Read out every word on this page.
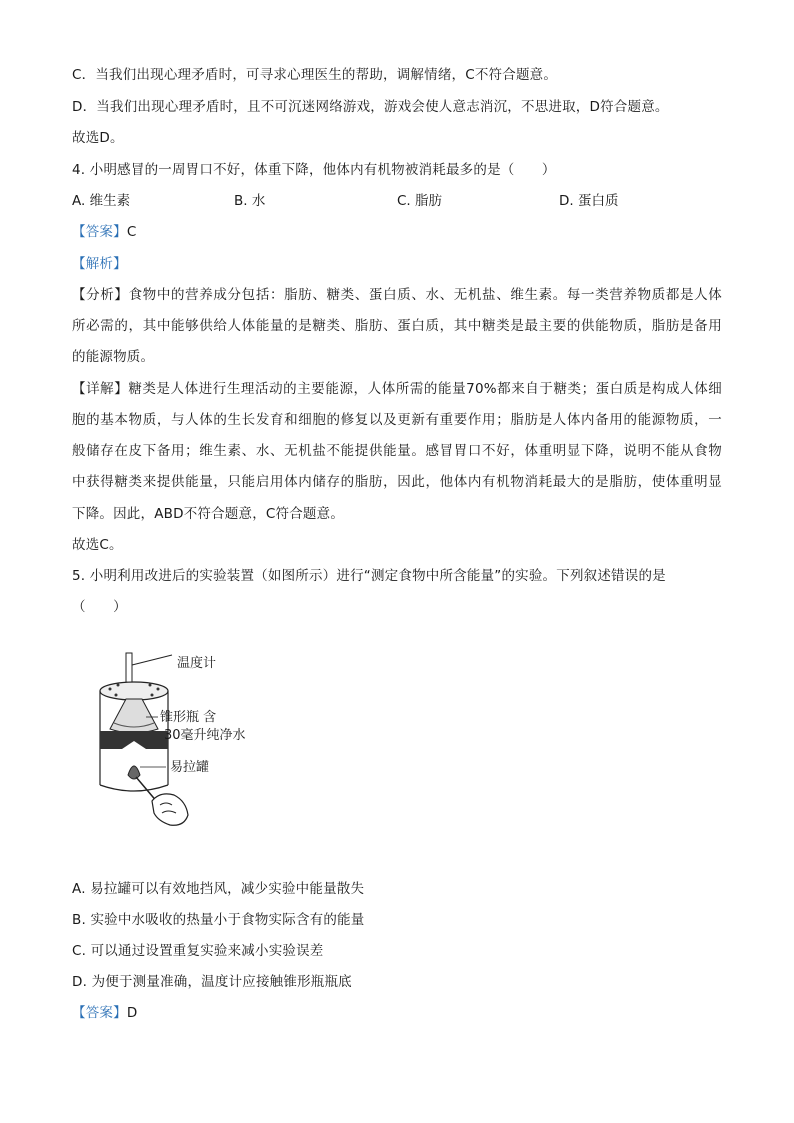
C．当我们出现心理矛盾时，可寻求心理医生的帮助，调解情绪，C不符合题意。
D．当我们出现心理矛盾时，且不可沉迷网络游戏，游戏会使人意志消沉，不思进取，D符合题意。
故选D。
4. 小明感冒的一周胃口不好，体重下降，他体内有机物被消耗最多的是（　　）
A. 维生素	B. 水	C. 脂肪	D. 蛋白质
【答案】C
【解析】
【分析】食物中的营养成分包括：脂肪、糖类、蛋白质、水、无机盐、维生素。每一类营养物质都是人体
所必需的，其中能够供给人体能量的是糖类、脂肪、蛋白质，其中糖类是最主要的供能物质，脂肪是备用
的能源物质。
【详解】糖类是人体进行生理活动的主要能源，人体所需的能量70%都来自于糖类；蛋白质是构成人体细
胞的基本物质，与人体的生长发育和细胞的修复以及更新有重要作用；脂肪是人体内备用的能源物质，一
般储存在皮下备用；维生素、水、无机盐不能提供能量。感冒胃口不好，体重明显下降，说明不能从食物
中获得糖类来提供能量，只能启用体内储存的脂肪，因此，他体内有机物消耗最大的是脂肪，使体重明显
下降。因此，ABD不符合题意，C符合题意。
故选C。
5. 小明利用改进后的实验装置（如图所示）进行“测定食物中所含能量”的实验。下列叙述错误的是
（　　）
温度计
锥形瓶 含
30毫升纯净水
易拉罐
A. 易拉罐可以有效地挡风，减少实验中能量散失
B. 实验中水吸收的热量小于食物实际含有的能量
C. 可以通过设置重复实验来减小实验误差
D. 为便于测量准确，温度计应接触锥形瓶瓶底
【答案】D
